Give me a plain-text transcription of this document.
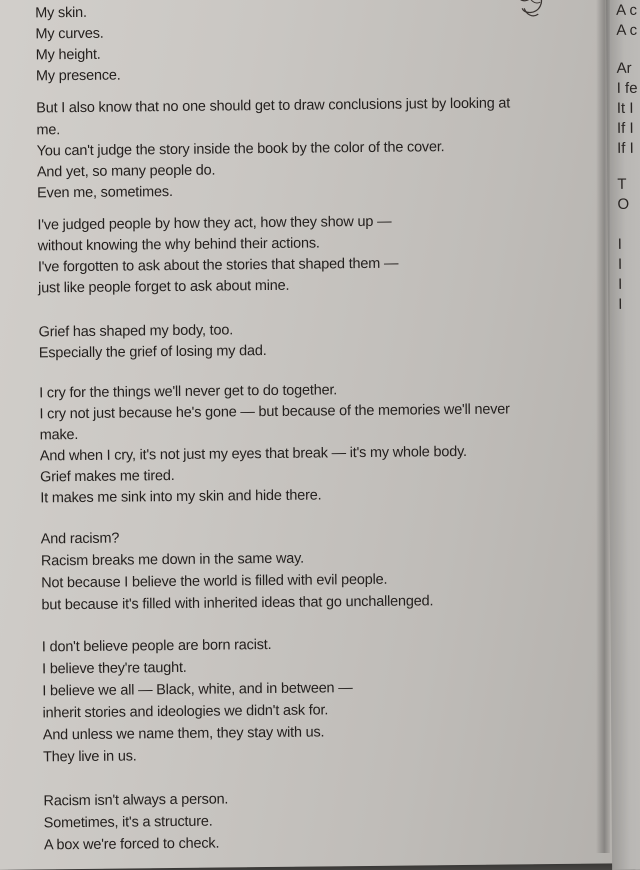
My skin.
My curves.
My height.
My presence.
But I also know that no one should get to draw conclusions just by looking at
me.
You can't judge the story inside the book by the color of the cover.
And yet, so many people do.
Even me, sometimes.
I've judged people by how they act, how they show up —
without knowing the why behind their actions.
I've forgotten to ask about the stories that shaped them —
just like people forget to ask about mine.
Grief has shaped my body, too.
Especially the grief of losing my dad.
I cry for the things we'll never get to do together.
I cry not just because he's gone — but because of the memories we'll never
make.
And when I cry, it's not just my eyes that break — it's my whole body.
Grief makes me tired.
It makes me sink into my skin and hide there.
And racism?
Racism breaks me down in the same way.
Not because I believe the world is filled with evil people.
but because it's filled with inherited ideas that go unchallenged.
I don't believe people are born racist.
I believe they're taught.
I believe we all — Black, white, and in between —
inherit stories and ideologies we didn't ask for.
And unless we name them, they stay with us.
They live in us.
Racism isn't always a person.
Sometimes, it's a structure.
A box we're forced to check.
A c
A c
Ar
I fe
It I
If I
If I
T
O
I
I
I
I
